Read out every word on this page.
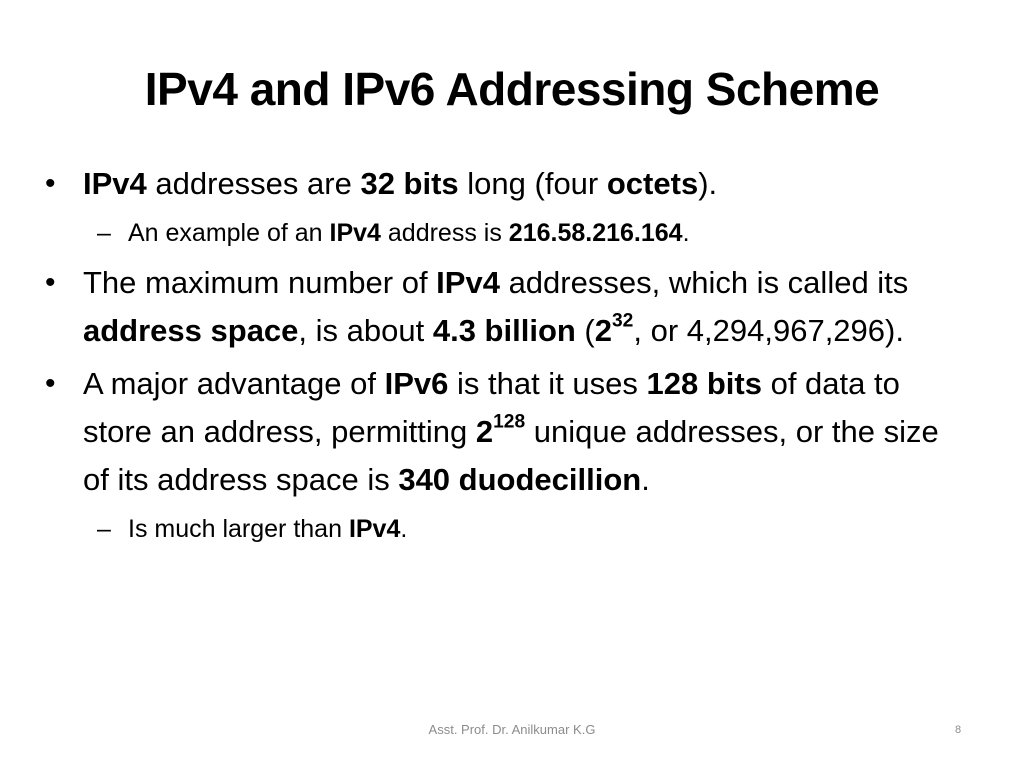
IPv4 and IPv6 Addressing Scheme

• IPv4 addresses are 32 bits long (four octets).

– An example of an IPv4 address is 216.58.216.164.

• The maximum number of IPv4 addresses, which is called its address space, is about 4.3 billion ($2^{32}$, or 4,294,967,296).

• A major advantage of IPv6 is that it uses 128 bits of data to store an address, permitting $2^{128}$ unique addresses, or the size of its address space is 340 duodecillion.

– Is much larger than IPv4.

Asst. Prof. Dr. Anilkumar K.G	8
